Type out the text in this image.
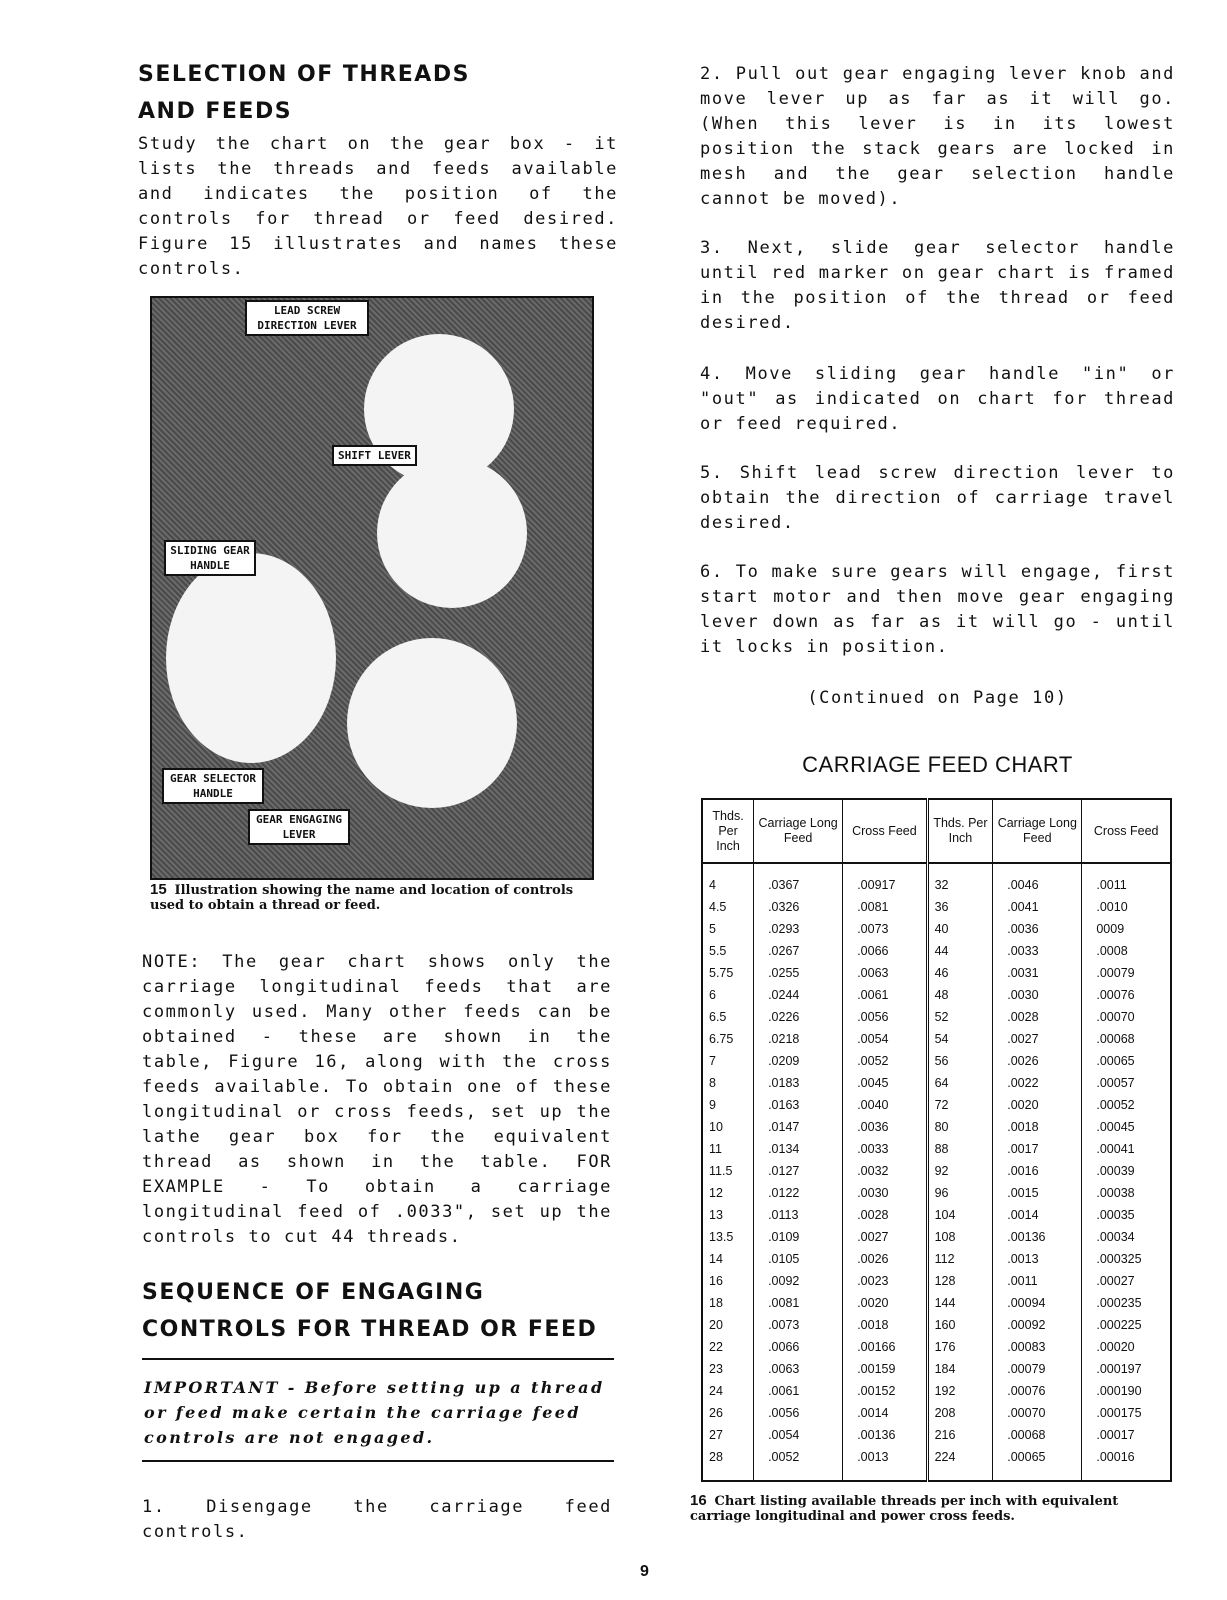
SELECTION OF THREADS
AND FEEDS

Study the chart on the gear box - it lists the threads and feeds available and indicates the position of the controls for thread or feed desired. Figure 15 illustrates and names these controls.

LEAD SCREW DIRECTION LEVER
SHIFT LEVER
SLIDING GEAR HANDLE
GEAR SELECTOR HANDLE
GEAR ENGAGING LEVER
15 Illustration showing the name and location of controls used to obtain a thread or feed.

NOTE: The gear chart shows only the carriage longitudinal feeds that are commonly used. Many other feeds can be obtained - these are shown in the table, Figure 16, along with the cross feeds available. To obtain one of these longitudinal or cross feeds, set up the lathe gear box for the equivalent thread as shown in the table. FOR EXAMPLE - To obtain a carriage longitudinal feed of .0033", set up the controls to cut 44 threads.

SEQUENCE OF ENGAGING
CONTROLS FOR THREAD OR FEED
IMPORTANT - Before setting up a thread or feed make certain the carriage feed controls are not engaged.

1. Disengage the carriage feed controls.

2. Pull out gear engaging lever knob and move lever up as far as it will go. (When this lever is in its lowest position the stack gears are locked in mesh and the gear selection handle cannot be moved).

3. Next, slide gear selector handle until red marker on gear chart is framed in the position of the thread or feed desired.

4. Move sliding gear handle "in" or "out" as indicated on chart for thread or feed required.

5. Shift lead screw direction lever to obtain the direction of carriage travel desired.

6. To make sure gears will engage, first start motor and then move gear engaging lever down as far as it will go - until it locks in position.

(Continued on Page 10)

CARRIAGE FEED CHART
Thds. Per Inch	Carriage Long Feed	Cross Feed	Thds. Per Inch	Carriage Long Feed	Cross Feed
4	.0367	.00917	32	.0046	.0011
4.5	.0326	.0081	36	.0041	.0010
5	.0293	.0073	40	.0036	0009
5.5	.0267	.0066	44	.0033	.0008
5.75	.0255	.0063	46	.0031	.00079
6	.0244	.0061	48	.0030	.00076
6.5	.0226	.0056	52	.0028	.00070
6.75	.0218	.0054	54	.0027	.00068
7	.0209	.0052	56	.0026	.00065
8	.0183	.0045	64	.0022	.00057
9	.0163	.0040	72	.0020	.00052
10	.0147	.0036	80	.0018	.00045
11	.0134	.0033	88	.0017	.00041
11.5	.0127	.0032	92	.0016	.00039
12	.0122	.0030	96	.0015	.00038
13	.0113	.0028	104	.0014	.00035
13.5	.0109	.0027	108	.00136	.00034
14	.0105	.0026	112	.0013	.000325
16	.0092	.0023	128	.0011	.00027
18	.0081	.0020	144	.00094	.000235
20	.0073	.0018	160	.00092	.000225
22	.0066	.00166	176	.00083	.00020
23	.0063	.00159	184	.00079	.000197
24	.0061	.00152	192	.00076	.000190
26	.0056	.0014	208	.00070	.000175
27	.0054	.00136	216	.00068	.00017
28	.0052	.0013	224	.00065	.00016
16 Chart listing available threads per inch with equivalent carriage longitudinal and power cross feeds.
9
